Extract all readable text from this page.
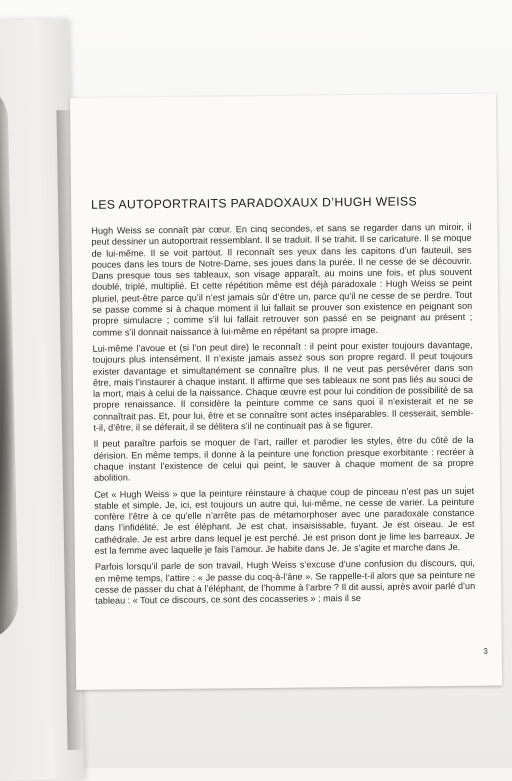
LES AUTOPORTRAITS PARADOXAUX D’HUGH WEISS

Hugh Weiss se connaît par cœur. En cinq secondes, et sans se regarder dans un miroir, il peut dessiner un autoportrait ressemblant. Il se traduit. Il se trahit. Il se caricature. Il se moque de lui-même. Il se voit partout. Il reconnaît ses yeux dans les capitons d’un fauteuil, ses pouces dans les tours de Notre-Dame, ses joues dans la purée. Il ne cesse de se découvrir. Dans presque tous ses tableaux, son visage apparaît, au moins une fois, et plus souvent doublé, triplé, multiplié. Et cette répétition même est déjà paradoxale : Hugh Weiss se peint pluriel, peut-être parce qu’il n’est jamais sûr d’être un, parce qu’il ne cesse de se perdre. Tout se passe comme si à chaque moment il lui fallait se prouver son existence en peignant son propre simulacre ; comme s’il lui fallait retrouver son passé en se peignant au présent ; comme s’il donnait naissance à lui-même en répétant sa propre image.

Lui-même l’avoue et (si l’on peut dire) le reconnaît : il peint pour exister toujours davantage, toujours plus intensément. Il n’existe jamais assez sous son propre regard. Il peut toujours exister davantage et simultanément se connaître plus. Il ne veut pas persévérer dans son être, mais l’instaurer à chaque instant. Il affirme que ses tableaux ne sont pas liés au souci de la mort, mais à celui de la naissance. Chaque œuvre est pour lui condition de possibilité de sa propre renaissance. Il considère la peinture comme ce sans quoi il n’existerait et ne se connaîtrait pas. Et, pour lui, être et se connaître sont actes inséparables. Il cesserait, semble-t-il, d’être, il se déferait, il se délitera s’il ne continuait pas à se figurer.

Il peut paraître parfois se moquer de l’art, railler et parodier les styles, être du côté de la dérision. En même temps, il donne à la peinture une fonction presque exorbitante : recréer à chaque instant l’existence de celui qui peint, le sauver à chaque moment de sa propre abolition.

Cet « Hugh Weiss » que la peinture réinstaure à chaque coup de pinceau n’est pas un sujet stable et simple. Je, ici, est toujours un autre qui, lui-même, ne cesse de varier. La peinture confère l’être à ce qu’elle n’arrête pas de métamorphoser avec une paradoxale constance dans l’infidélité. Je est éléphant. Je est chat, insaisissable, fuyant. Je est oiseau. Je est cathédrale. Je est arbre dans lequel je est perché. Je est prison dont je lime les barreaux. Je est la femme avec laquelle je fais l’amour. Je habite dans Je. Je s’agite et marche dans Je.

Parfois lorsqu’il parle de son travail, Hugh Weiss s’excuse d’une confusion du discours, qui, en même temps, l’attire : « Je passe du coq-à-l’âne ». Se rappelle-t-il alors que sa peinture ne cesse de passer du chat à l’éléphant, de l’homme à l’arbre ? Il dit aussi, après avoir parlé d’un tableau : « Tout ce discours, ce sont des cocasseries » ; mais il se

3
